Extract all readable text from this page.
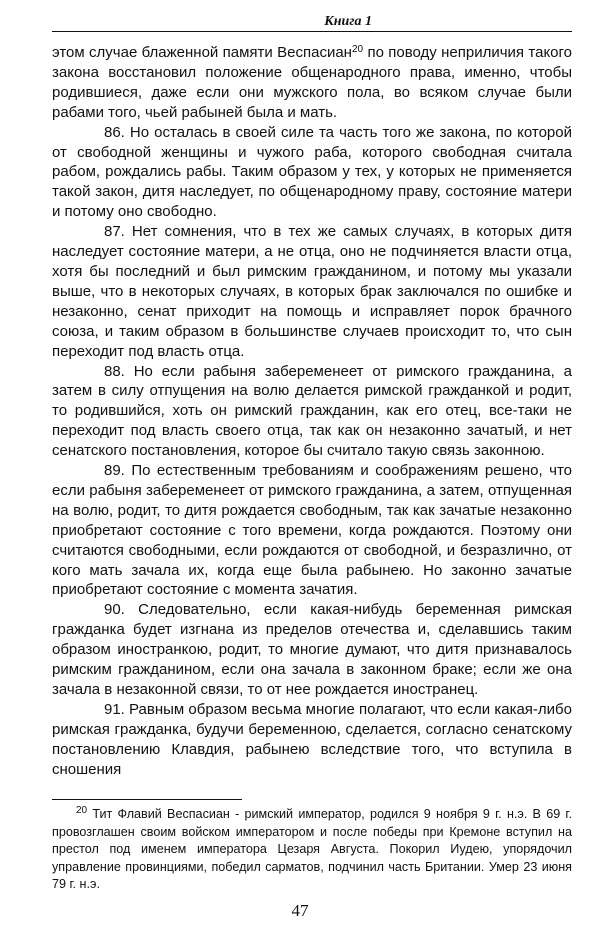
Книга 1

этом случае блаженной памяти Веспасиан$^{20}$ по поводу неприличия такого закона восстановил положение общенародного права, именно, чтобы родившиеся, даже если они мужского пола, во всяком случае были рабами того, чьей рабыней была и мать.

86. Но осталась в своей силе та часть того же закона, по которой от свободной женщины и чужого раба, которого свободная считала рабом, рождались рабы. Таким образом у тех, у которых не применяется такой закон, дитя наследует, по общенародному праву, состояние матери и потому оно свободно.

87. Нет сомнения, что в тех же самых случаях, в которых дитя наследует состояние матери, а не отца, оно не подчиняется власти отца, хотя бы последний и был римским гражданином, и потому мы указали выше, что в некоторых случаях, в которых брак заключался по ошибке и незаконно, сенат приходит на помощь и исправляет порок брачного союза, и таким образом в большинстве случаев происходит то, что сын переходит под власть отца.

88. Но если рабыня забеременеет от римского гражданина, а затем в силу отпущения на волю делается римской гражданкой и родит, то родившийся, хоть он римский гражданин, как его отец, все-таки не переходит под власть своего отца, так как он незаконно зачатый, и нет сенатского постановления, которое бы считало такую связь законною.

89. По естественным требованиям и соображениям решено, что если рабыня забеременеет от римского гражданина, а затем, отпущенная на волю, родит, то дитя рождается свободным, так как зачатые незаконно приобретают состояние с того времени, когда рождаются. Поэтому они считаются свободными, если рождаются от свободной, и безразлично, от кого мать зачала их, когда еще была рабынею. Но законно зачатые приобретают состояние с момента зачатия.

90. Следовательно, если какая-нибудь беременная римская гражданка будет изгнана из пределов отечества и, сделавшись таким образом иностранкою, родит, то многие думают, что дитя признавалось римским гражданином, если она зачала в законном браке; если же она зачала в незаконной связи, то от нее рождается иностранец.

91. Равным образом весьма многие полагают, что если какая-либо римская гражданка, будучи беременною, сделается, согласно сенатскому постановлению Клавдия, рабынею вследствие того, что вступила в сношения

$^{20}$ Тит Флавий Веспасиан - римский император, родился 9 ноября 9 г. н.э. В 69 г. провозглашен своим войском императором и после победы при Кремоне вступил на престол под именем императора Цезаря Августа. Покорил Иудею, упорядочил управление провинциями, победил сарматов, подчинил часть Британии. Умер 23 июня 79 г. н.э.

47
